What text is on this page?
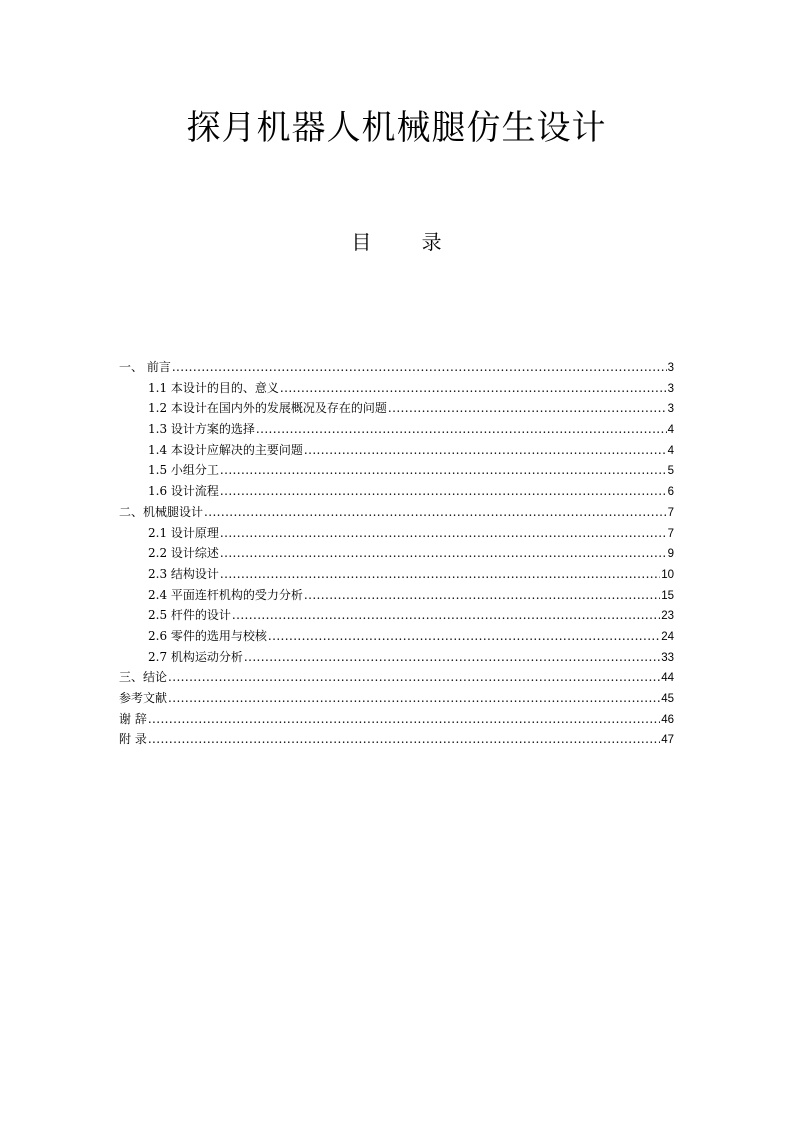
探月机器人机械腿仿生设计
目 录
一、 前言 .....	3
1.1 本设计的目的、意义 .....	3
1.2 本设计在国内外的发展概况及存在的问题 .....	3
1.3 设计方案的选择 .....	4
1.4 本设计应解决的主要问题 .....	4
1.5 小组分工 .....	5
1.6 设计流程 .....	6
二、机械腿设计 .....	7
2.1 设计原理 .....	7
2.2 设计综述 .....	9
2.3 结构设计 .....	10
2.4 平面连杆机构的受力分析 .....	15
2.5 杆件的设计 .....	23
2.6 零件的选用与校核 .....	24
2.7 机构运动分析 .....	33
三、结论 .....	44
参考文献 .....	45
谢 辞 .....	46
附 录 .....	47
